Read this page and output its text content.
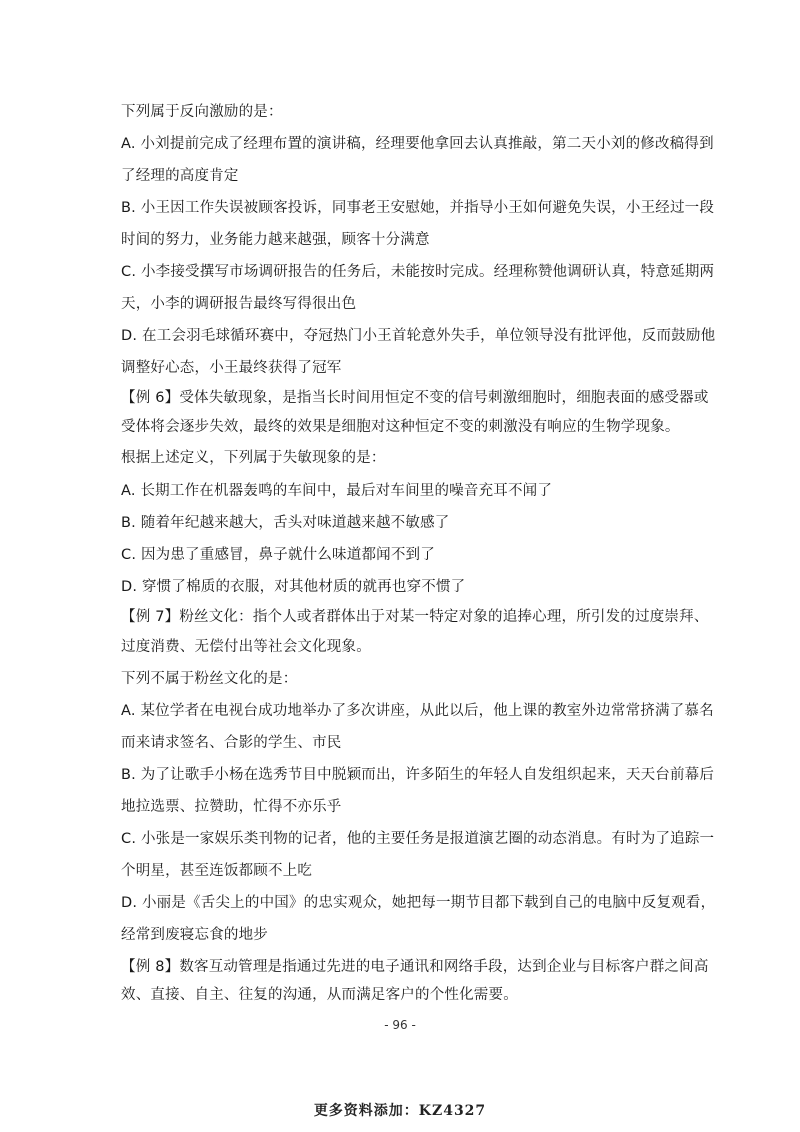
下列属于反向激励的是：
A. 小刘提前完成了经理布置的演讲稿，经理要他拿回去认真推敲，第二天小刘的修改稿得到
了经理的高度肯定
B. 小王因工作失误被顾客投诉，同事老王安慰她，并指导小王如何避免失误，小王经过一段
时间的努力，业务能力越来越强，顾客十分满意
C. 小李接受撰写市场调研报告的任务后，未能按时完成。经理称赞他调研认真，特意延期两
天，小李的调研报告最终写得很出色
D. 在工会羽毛球循环赛中，夺冠热门小王首轮意外失手，单位领导没有批评他，反而鼓励他
调整好心态，小王最终获得了冠军
【例 6】受体失敏现象，是指当长时间用恒定不变的信号刺激细胞时，细胞表面的感受器或
受体将会逐步失效，最终的效果是细胞对这种恒定不变的刺激没有响应的生物学现象。
根据上述定义，下列属于失敏现象的是：
A. 长期工作在机器轰鸣的车间中，最后对车间里的噪音充耳不闻了
B. 随着年纪越来越大，舌头对味道越来越不敏感了
C. 因为患了重感冒，鼻子就什么味道都闻不到了
D. 穿惯了棉质的衣服，对其他材质的就再也穿不惯了
【例 7】粉丝文化：指个人或者群体出于对某一特定对象的追捧心理，所引发的过度崇拜、
过度消费、无偿付出等社会文化现象。
下列不属于粉丝文化的是：
A. 某位学者在电视台成功地举办了多次讲座，从此以后，他上课的教室外边常常挤满了慕名
而来请求签名、合影的学生、市民
B. 为了让歌手小杨在选秀节目中脱颖而出，许多陌生的年轻人自发组织起来，天天台前幕后
地拉选票、拉赞助，忙得不亦乐乎
C. 小张是一家娱乐类刊物的记者，他的主要任务是报道演艺圈的动态消息。有时为了追踪一
个明星，甚至连饭都顾不上吃
D. 小丽是《舌尖上的中国》的忠实观众，她把每一期节目都下载到自己的电脑中反复观看，
经常到废寝忘食的地步
【例 8】数客互动管理是指通过先进的电子通讯和网络手段，达到企业与目标客户群之间高
效、直接、自主、往复的沟通，从而满足客户的个性化需要。
- 96 -
更多资料添加：KZ4327
